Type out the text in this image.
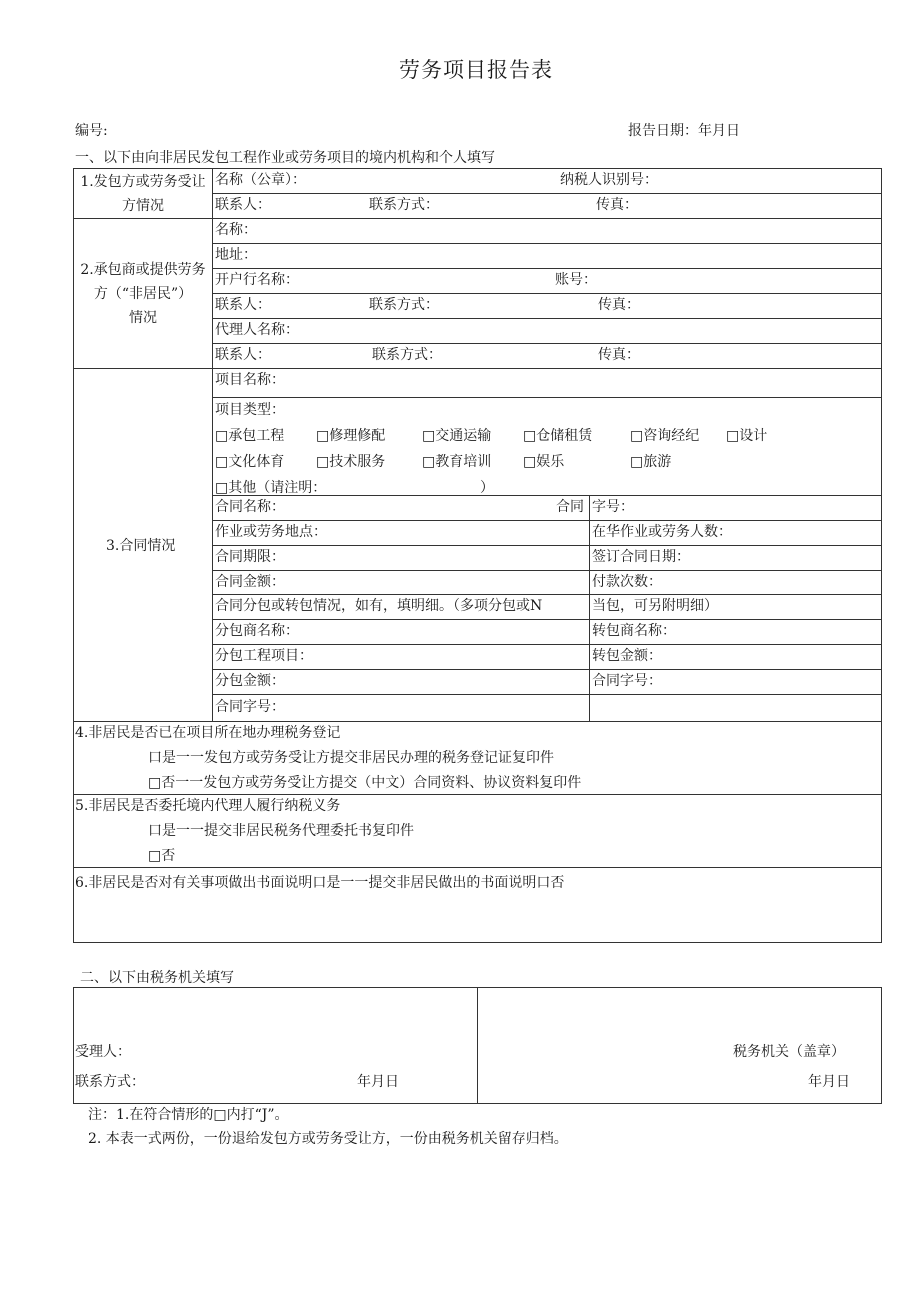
劳务项目报告表
编号:	报告日期：年月日
一、以下由向非居民发包工程作业或劳务项目的境内机构和个人填写
1.发包方或劳务受让
方情况
名称（公章）：	纳税人识别号：
联系人：	联系方式：	传真：
2.承包商或提供劳务
方（“非居民”）
情况
名称：
地址：
开户行名称：	账号：
联系人：	联系方式：	传真：
代理人名称：
联系人：	联系方式：	传真：
3.合同情况
项目名称：
项目类型：
□承包工程 □修理修配	□交通运输 □仓储租赁	□咨询经纪 □设计
□文化体育 □技术服务	□教育培训 □娱乐	□旅游
□其他（请注明：	）
合同名称：	合同 字号：
作业或劳务地点：	在华作业或劳务人数：
合同期限：	签订合同日期：
合同金额：	付款次数：
合同分包或转包情况，如有，填明细。（多项分包或N	当包，可另附明细）
分包商名称：	转包商名称：
分包工程项目：	转包金额：
分包金额：	合同字号：
合同字号：
4.非居民是否已在项目所在地办理税务登记
口是一一发包方或劳务受让方提交非居民办理的税务登记证复印件
□否一一发包方或劳务受让方提交（中文）合同资料、协议资料复印件
5.非居民是否委托境内代理人履行纳税义务
口是一一提交非居民税务代理委托书复印件
□否
6.非居民是否对有关事项做出书面说明口是一一提交非居民做出的书面说明口否
二、以下由税务机关填写
受理人：
联系方式：	年月日
税务机关（盖章）
年月日
注：1.在符合情形的□内打“J”。
2. 本表一式两份，一份退给发包方或劳务受让方，一份由税务机关留存归档。
